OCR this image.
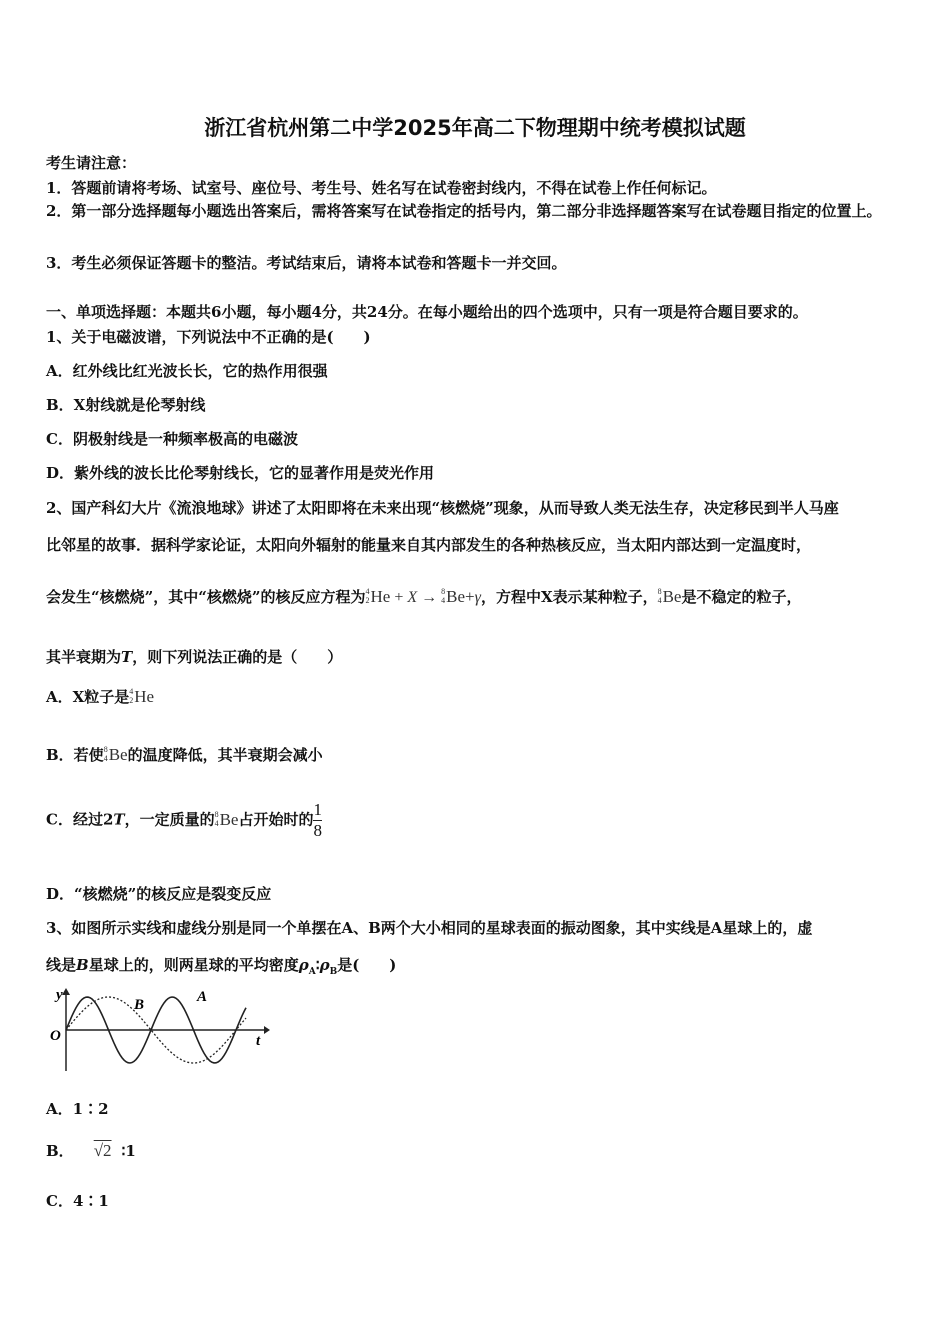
浙江省杭州第二中学2025年高二下物理期中统考模拟试题
考生请注意：
1．答题前请将考场、试室号、座位号、考生号、姓名写在试卷密封线内，不得在试卷上作任何标记。
2．第一部分选择题每小题选出答案后，需将答案写在试卷指定的括号内，第二部分非选择题答案写在试卷题目指定的位置上。
3．考生必须保证答题卡的整洁。考试结束后，请将本试卷和答题卡一并交回。
一、单项选择题：本题共6小题，每小题4分，共24分。在每小题给出的四个选项中，只有一项是符合题目要求的。
1、关于电磁波谱，下列说法中不正确的是(　　)
A．红外线比红光波长长，它的热作用很强
B．X射线就是伦琴射线
C．阴极射线是一种频率极高的电磁波
D．紫外线的波长比伦琴射线长，它的显著作用是荧光作用
2、国产科幻大片《流浪地球》讲述了太阳即将在未来出现“核燃烧”现象，从而导致人类无法生存，决定移民到半人马座
比邻星的故事．据科学家论证，太阳向外辐射的能量来自其内部发生的各种热核反应，当太阳内部达到一定温度时，
会发生“核燃烧”，其中“核燃烧”的核反应方程为4
2He + X → 8
4Be+γ，方程中X表示某种粒子，8
4Be是不稳定的粒子，
其半衰期为T，则下列说法正确的是（　　）
A．X粒子是4
2He
B．若使8
4Be的温度降低，其半衰期会减小
C．经过2T，一定质量的8
4Be占开始时的$\frac{1}{8}$
D．“核燃烧”的核反应是裂变反应
3、如图所示实线和虚线分别是同一个单摆在A、B两个大小相同的星球表面的振动图象，其中实线是A星球上的，虚
线是B星球上的，则两星球的平均密度$\rho_A∶\rho_B$是(　　)
y
O	t
B	A
A．1∶2
B． √2 ∶1
C．4∶1
